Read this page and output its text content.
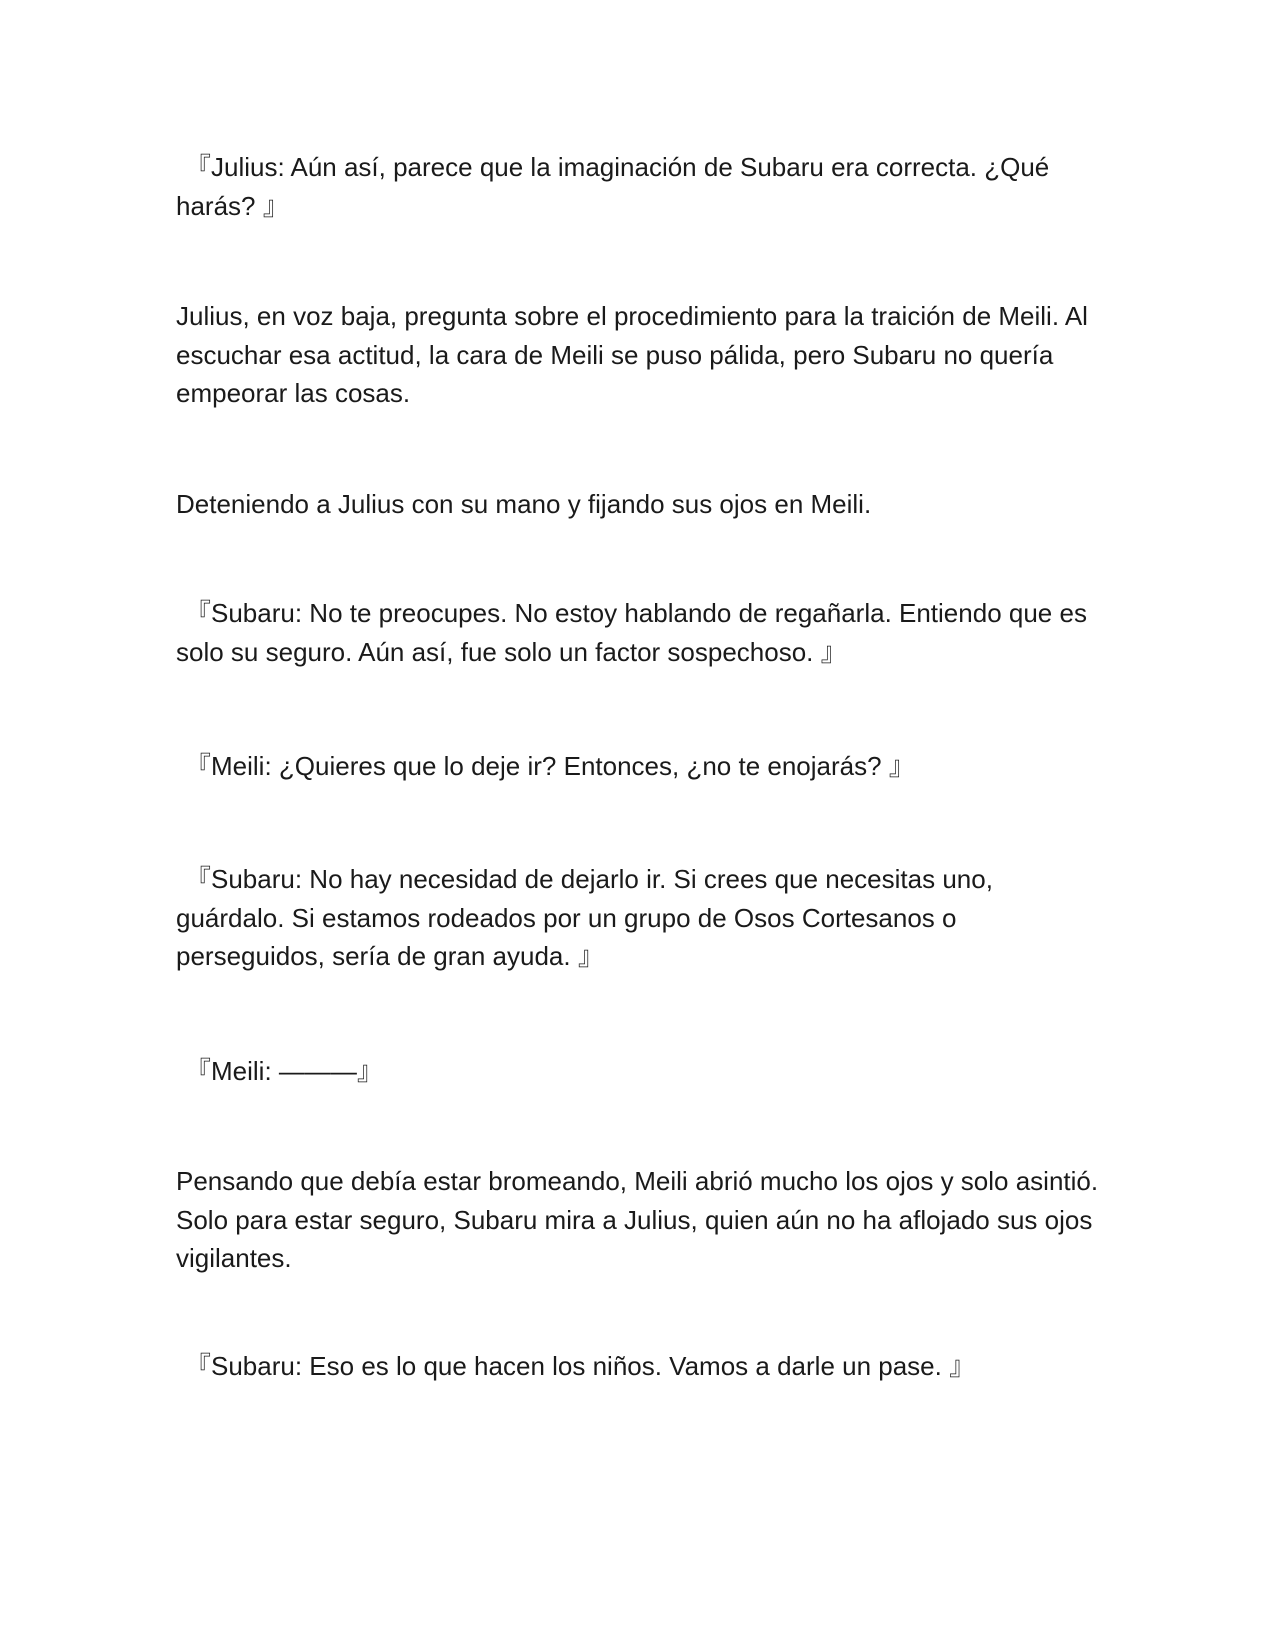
『Julius: Aún así, parece que la imaginación de Subaru era correcta. ¿Qué harás? 』

Julius, en voz baja, pregunta sobre el procedimiento para la traición de Meili. Al escuchar esa actitud, la cara de Meili se puso pálida, pero Subaru no quería empeorar las cosas.

Deteniendo a Julius con su mano y fijando sus ojos en Meili.

『Subaru: No te preocupes. No estoy hablando de regañarla. Entiendo que es solo su seguro. Aún así, fue solo un factor sospechoso. 』

『Meili: ¿Quieres que lo deje ir? Entonces, ¿no te enojarás? 』

『Subaru: No hay necesidad de dejarlo ir. Si crees que necesitas uno, guárdalo. Si estamos rodeados por un grupo de Osos Cortesanos o perseguidos, sería de gran ayuda. 』

『Meili: ———』

Pensando que debía estar bromeando, Meili abrió mucho los ojos y solo asintió. Solo para estar seguro, Subaru mira a Julius, quien aún no ha aflojado sus ojos vigilantes.

『Subaru: Eso es lo que hacen los niños. Vamos a darle un pase. 』
